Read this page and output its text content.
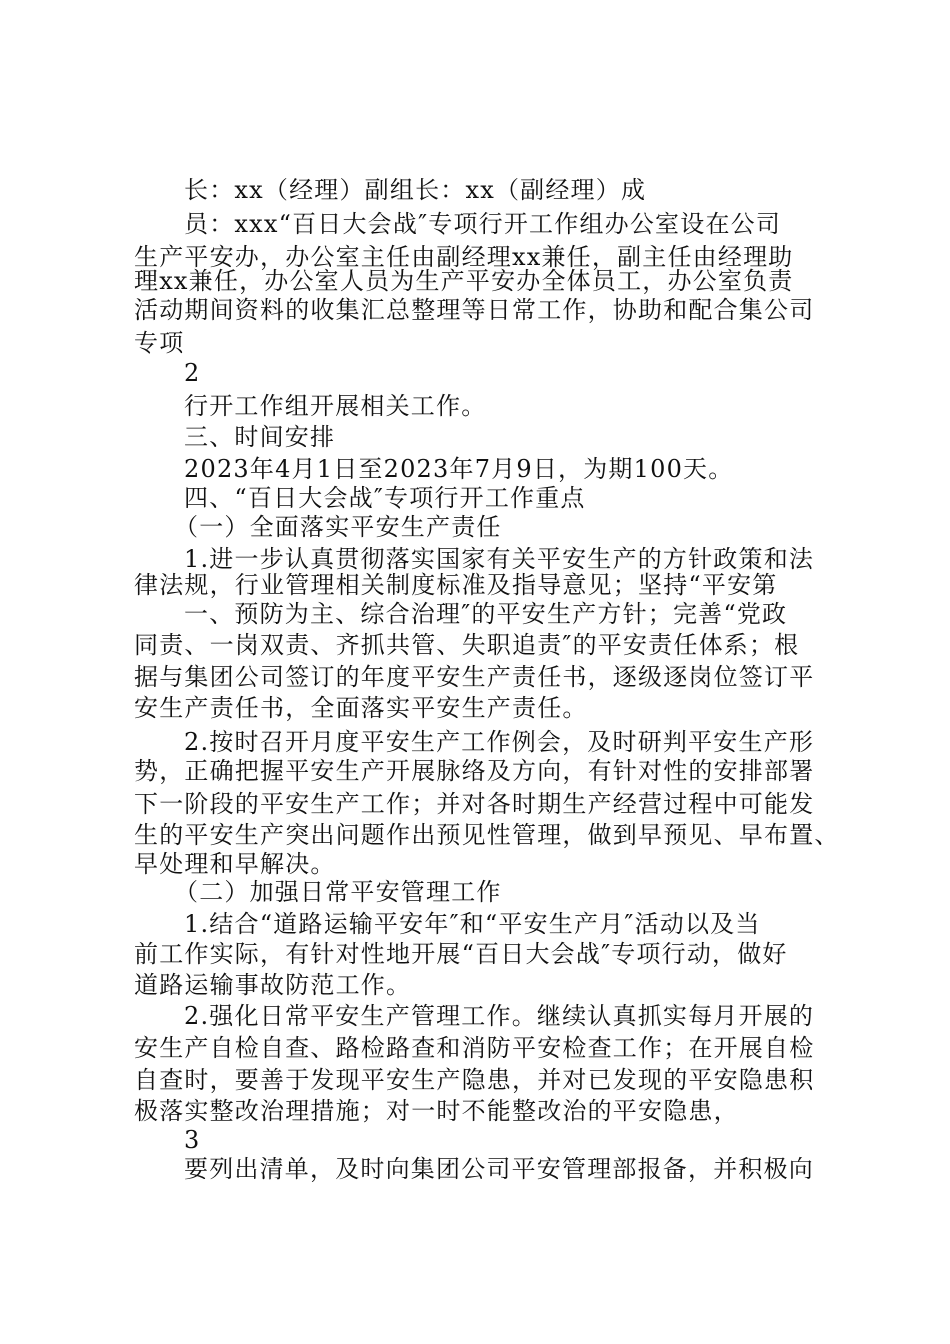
长：xx（经理）副组长：xx（副经理）成
员：xxx“百日大会战″专项行开工作组办公室设在公司
生产平安办，办公室主任由副经理xx兼任，副主任由经理助
理xx兼任，办公室人员为生产平安办全体员工，办公室负责
活动期间资料的收集汇总整理等日常工作，协助和配合集公司
专项
2
行开工作组开展相关工作。
三、时间安排
2023年4月1日至2023年7月9日，为期100天。
四、“百日大会战″专项行开工作重点
（一）全面落实平安生产责任
1.进一步认真贯彻落实国家有关平安生产的方针政策和法
律法规，行业管理相关制度标准及指导意见；坚持“平安第
一、预防为主、综合治理″的平安生产方针；完善“党政
同责、一岗双责、齐抓共管、失职追责″的平安责任体系；根
据与集团公司签订的年度平安生产责任书，逐级逐岗位签订平
安生产责任书，全面落实平安生产责任。
2.按时召开月度平安生产工作例会，及时研判平安生产形
势，正确把握平安生产开展脉络及方向，有针对性的安排部署
下一阶段的平安生产工作；并对各时期生产经营过程中可能发
生的平安生产突出问题作出预见性管理，做到早预见、早布置、
早处理和早解决。
（二）加强日常平安管理工作
1.结合“道路运输平安年″和“平安生产月″活动以及当
前工作实际，有针对性地开展“百日大会战″专项行动，做好
道路运输事故防范工作。
2.强化日常平安生产管理工作。继续认真抓实每月开展的
安生产自检自查、路检路查和消防平安检查工作；在开展自检
自查时，要善于发现平安生产隐患，并对已发现的平安隐患积
极落实整改治理措施；对一时不能整改治的平安隐患，
3
要列出清单，及时向集团公司平安管理部报备，并积极向
